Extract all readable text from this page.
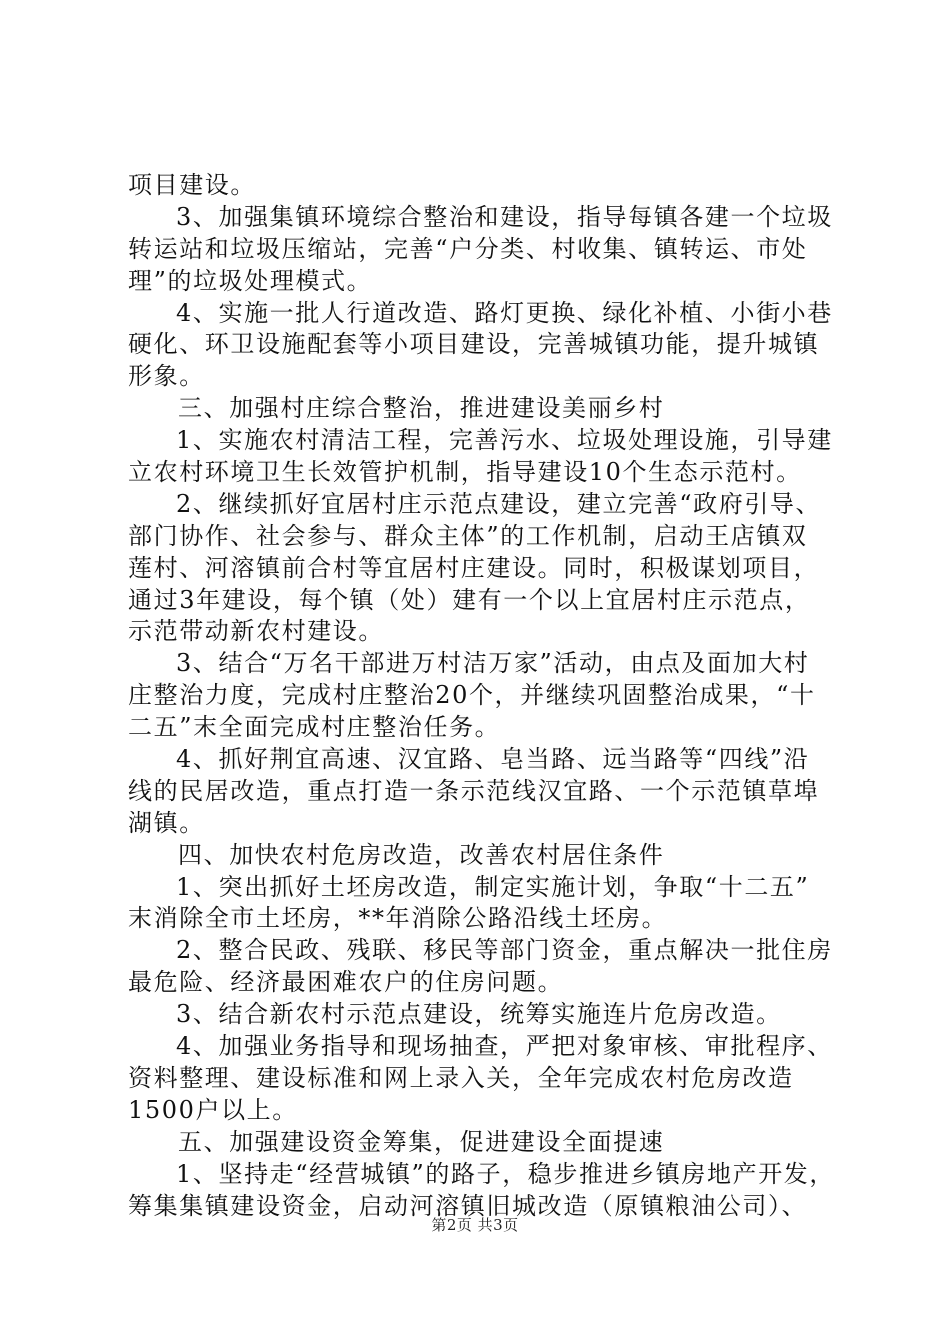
项目建设。
3、加强集镇环境综合整治和建设，指导每镇各建一个垃圾
转运站和垃圾压缩站，完善“户分类、村收集、镇转运、市处
理”的垃圾处理模式。
4、实施一批人行道改造、路灯更换、绿化补植、小街小巷
硬化、环卫设施配套等小项目建设，完善城镇功能，提升城镇
形象。
三、加强村庄综合整治，推进建设美丽乡村
1、实施农村清洁工程，完善污水、垃圾处理设施，引导建
立农村环境卫生长效管护机制，指导建设10个生态示范村。
2、继续抓好宜居村庄示范点建设，建立完善“政府引导、
部门协作、社会参与、群众主体”的工作机制，启动王店镇双
莲村、河溶镇前合村等宜居村庄建设。同时，积极谋划项目，
通过3年建设，每个镇（处）建有一个以上宜居村庄示范点，
示范带动新农村建设。
3、结合“万名干部进万村洁万家”活动，由点及面加大村
庄整治力度，完成村庄整治20个，并继续巩固整治成果，“十
二五”末全面完成村庄整治任务。
4、抓好荆宜高速、汉宜路、皂当路、远当路等“四线”沿
线的民居改造，重点打造一条示范线汉宜路、一个示范镇草埠
湖镇。
四、加快农村危房改造，改善农村居住条件
1、突出抓好土坯房改造，制定实施计划，争取“十二五”
末消除全市土坯房，**年消除公路沿线土坯房。
2、整合民政、残联、移民等部门资金，重点解决一批住房
最危险、经济最困难农户的住房问题。
3、结合新农村示范点建设，统筹实施连片危房改造。
4、加强业务指导和现场抽查，严把对象审核、审批程序、
资料整理、建设标准和网上录入关，全年完成农村危房改造
1500户以上。
五、加强建设资金筹集，促进建设全面提速
1、坚持走“经营城镇”的路子，稳步推进乡镇房地产开发，
筹集集镇建设资金，启动河溶镇旧城改造（原镇粮油公司）、
第2页 共3页
